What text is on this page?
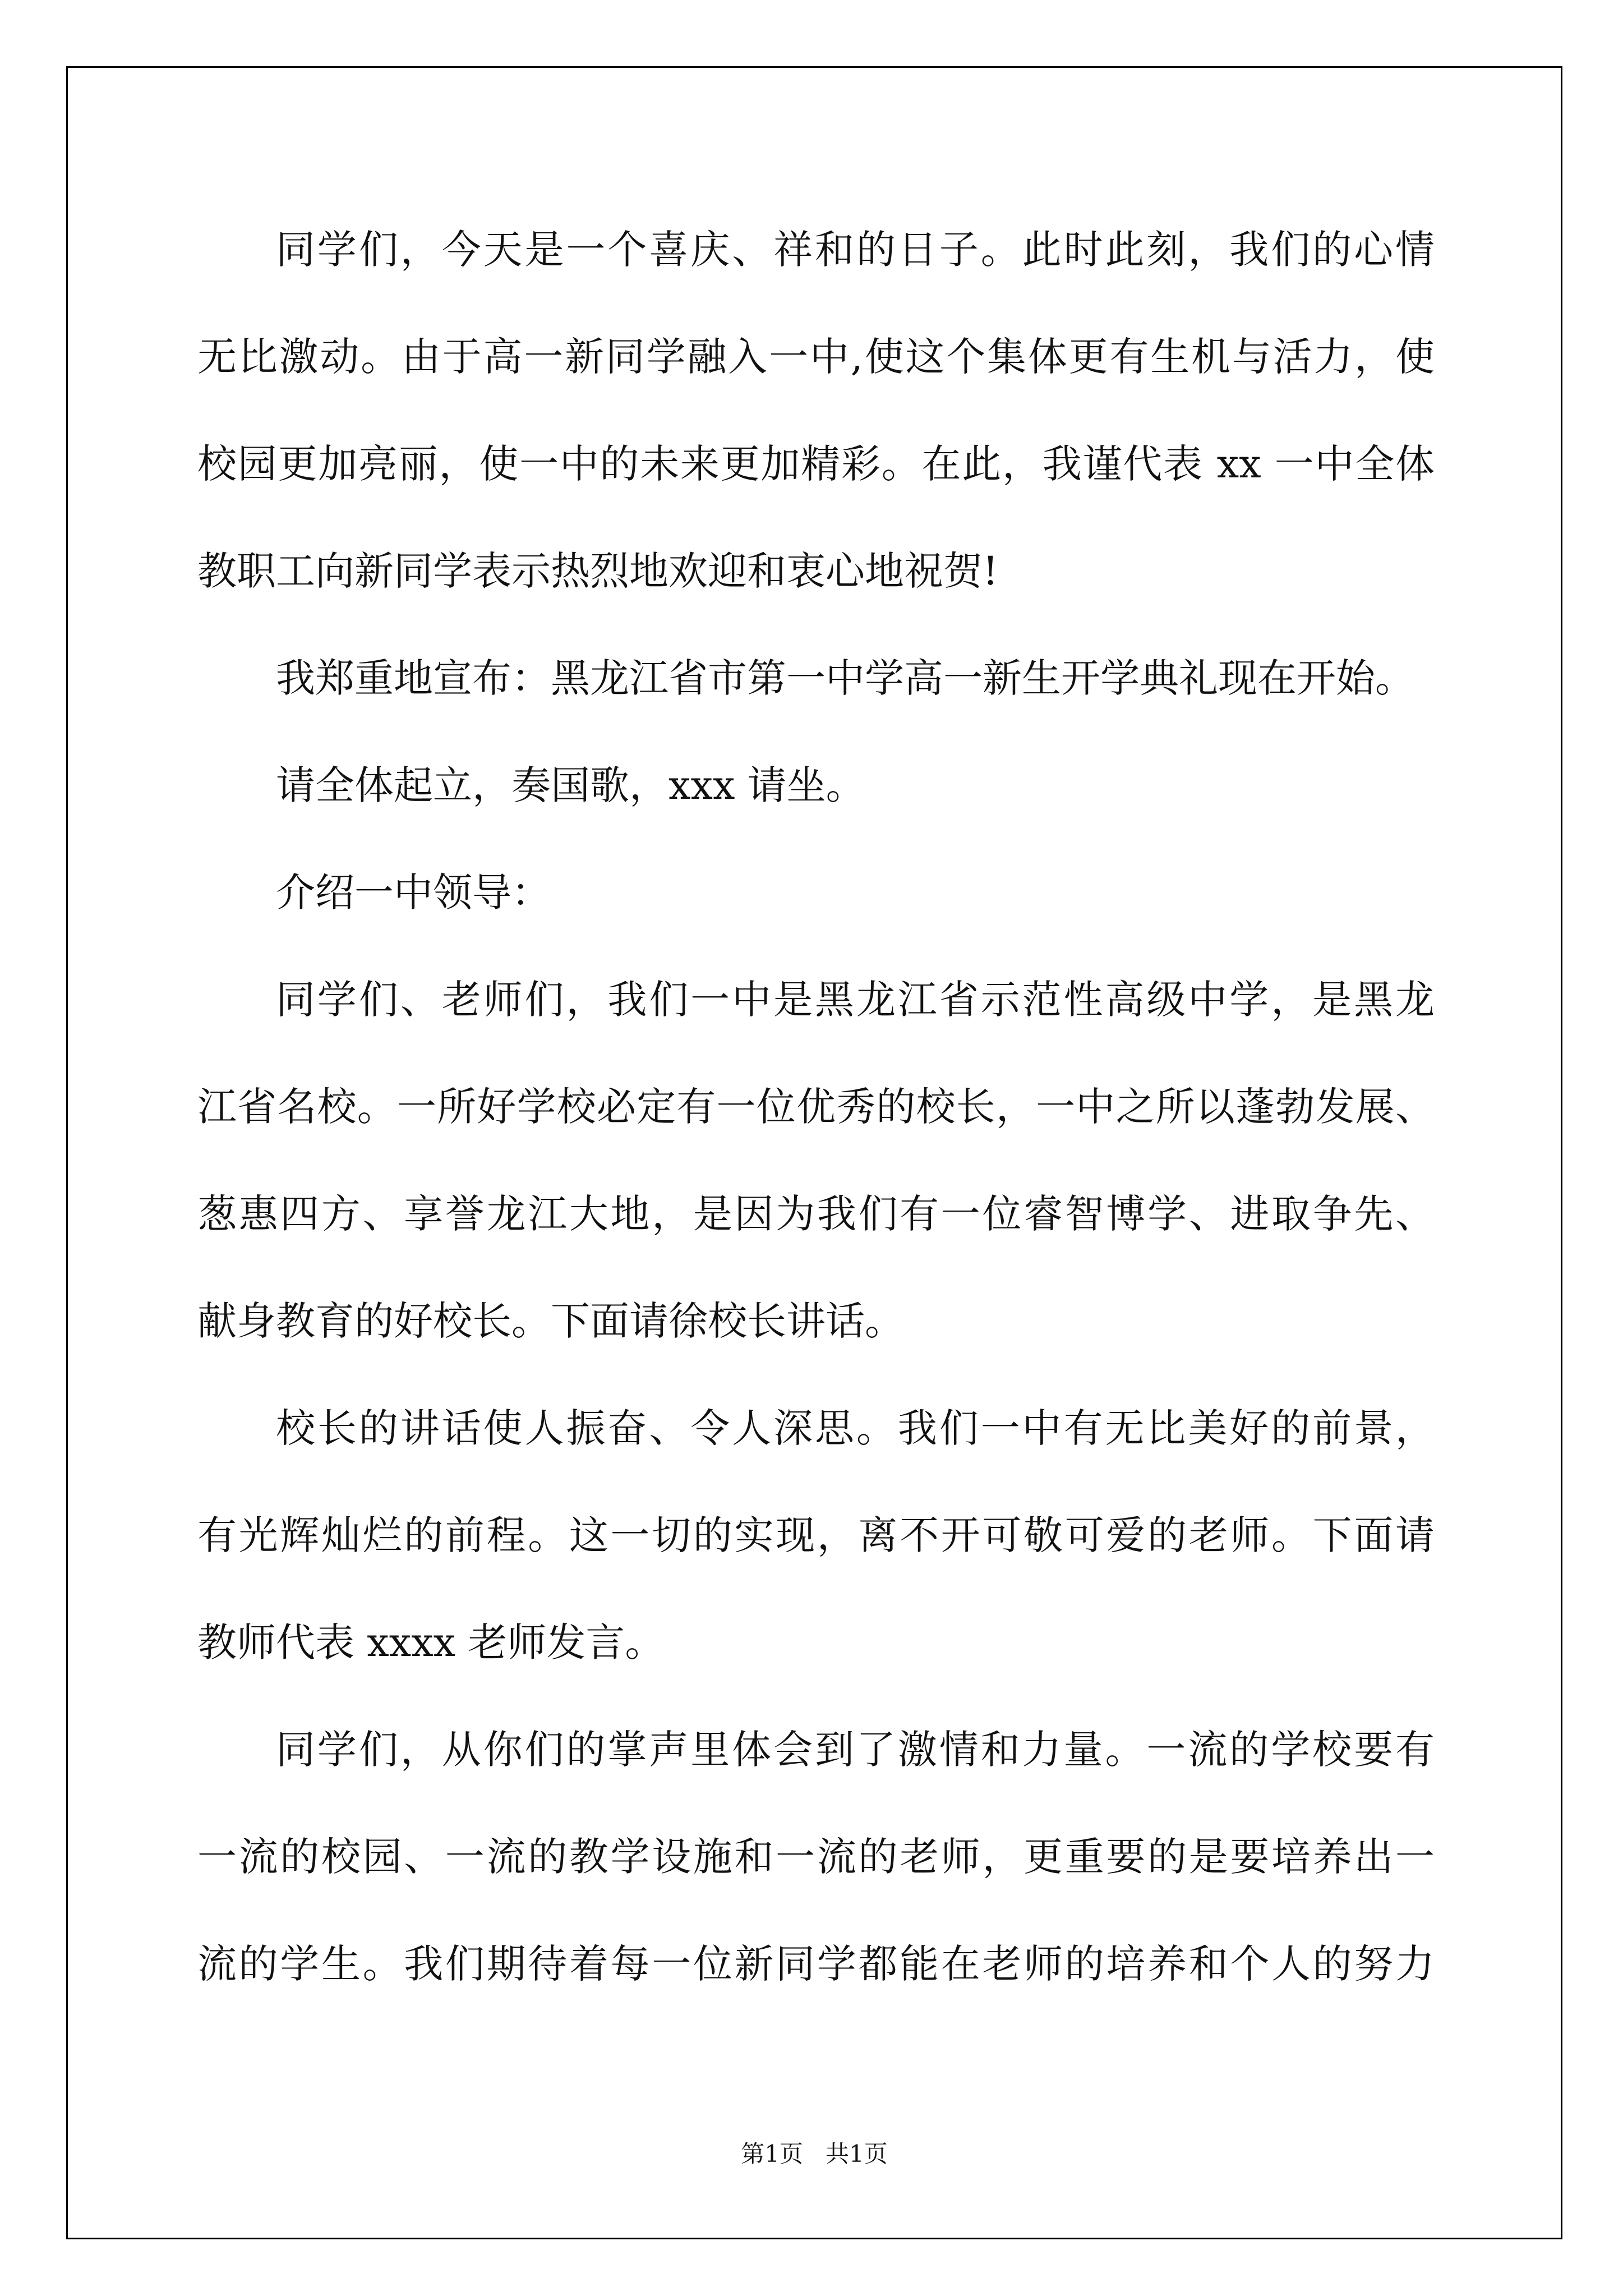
同学们，今天是一个喜庆、祥和的日子。此时此刻，我们的心情
无比激动。由于高一新同学融入一中,使这个集体更有生机与活力，使
校园更加亮丽，使一中的未来更加精彩。在此，我谨代表 xx 一中全体
教职工向新同学表示热烈地欢迎和衷心地祝贺!
我郑重地宣布：黑龙江省市第一中学高一新生开学典礼现在开始。
请全体起立，奏国歌，xxx 请坐。
介绍一中领导：
同学们、老师们，我们一中是黑龙江省示范性高级中学，是黑龙
江省名校。一所好学校必定有一位优秀的校长，一中之所以蓬勃发展、
葱惠四方、享誉龙江大地，是因为我们有一位睿智博学、进取争先、
献身教育的好校长。下面请徐校长讲话。
校长的讲话使人振奋、令人深思。我们一中有无比美好的前景，
有光辉灿烂的前程。这一切的实现，离不开可敬可爱的老师。下面请
教师代表 xxxx 老师发言。
同学们，从你们的掌声里体会到了激情和力量。一流的学校要有
一流的校园、一流的教学设施和一流的老师，更重要的是要培养出一
流的学生。我们期待着每一位新同学都能在老师的培养和个人的努力
第1页   共1页
